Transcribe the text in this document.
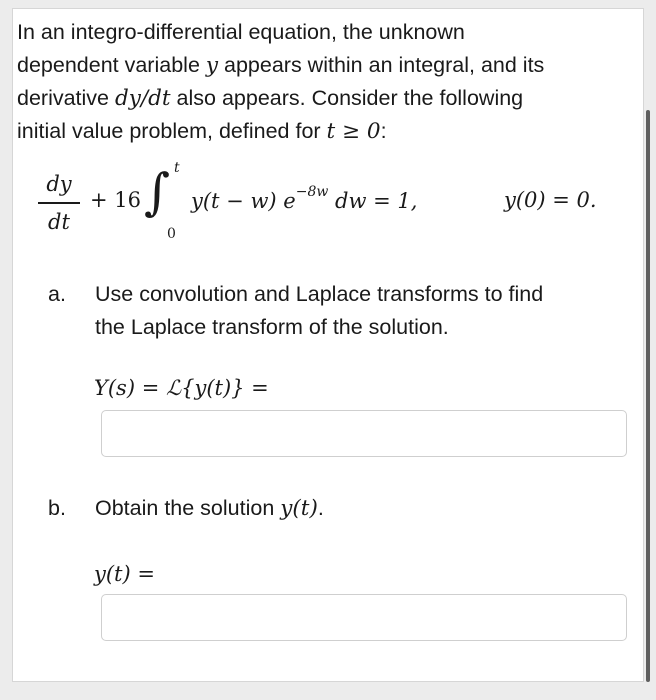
In an integro-differential equation, the unknown
dependent variable y appears within an integral, and its
derivative dy/dt also appears. Consider the following
initial value problem, defined for t ≥ 0:
dy
dt
+ 16 ∫ t
0
y(t − w) $e^{-8w}$ dw = 1,	y(0) = 0.
a. Use convolution and Laplace transforms to find
the Laplace transform of the solution.
Y(s) = ℒ{y(t)} =
b. Obtain the solution y(t).
y(t) =
